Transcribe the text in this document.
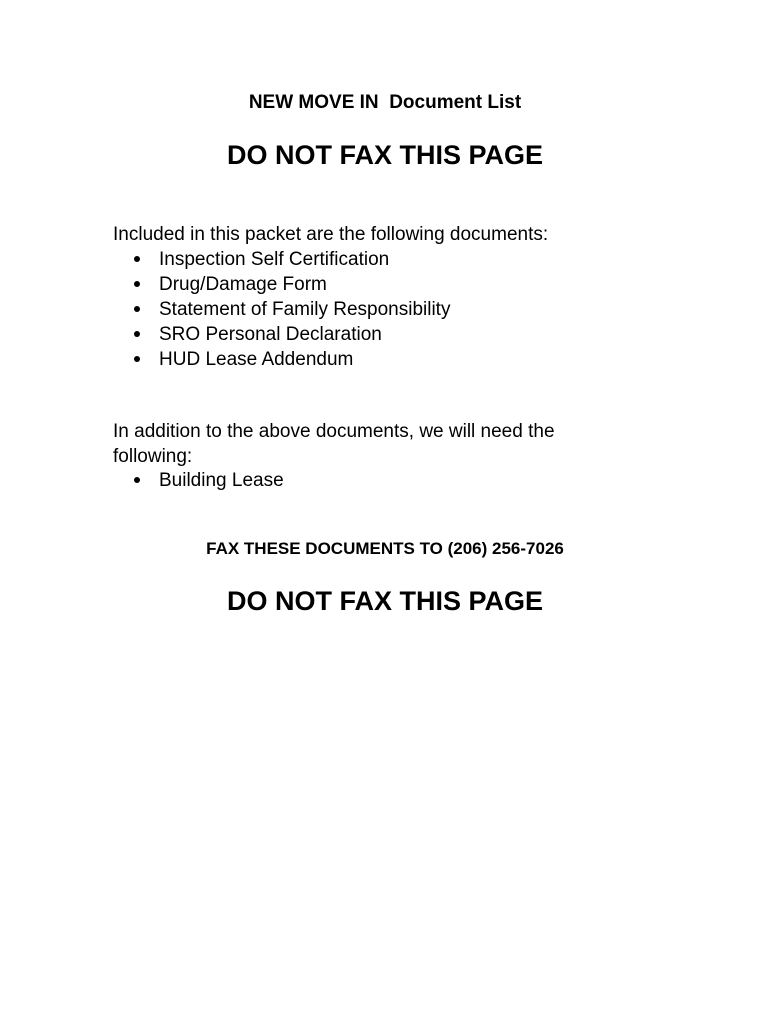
NEW MOVE IN  Document List
DO NOT FAX THIS PAGE
Included in this packet are the following documents:
Inspection Self Certification
Drug/Damage Form
Statement of Family Responsibility
SRO Personal Declaration
HUD Lease Addendum
In addition to the above documents, we will need the following:
Building Lease
FAX THESE DOCUMENTS TO (206) 256-7026
DO NOT FAX THIS PAGE
